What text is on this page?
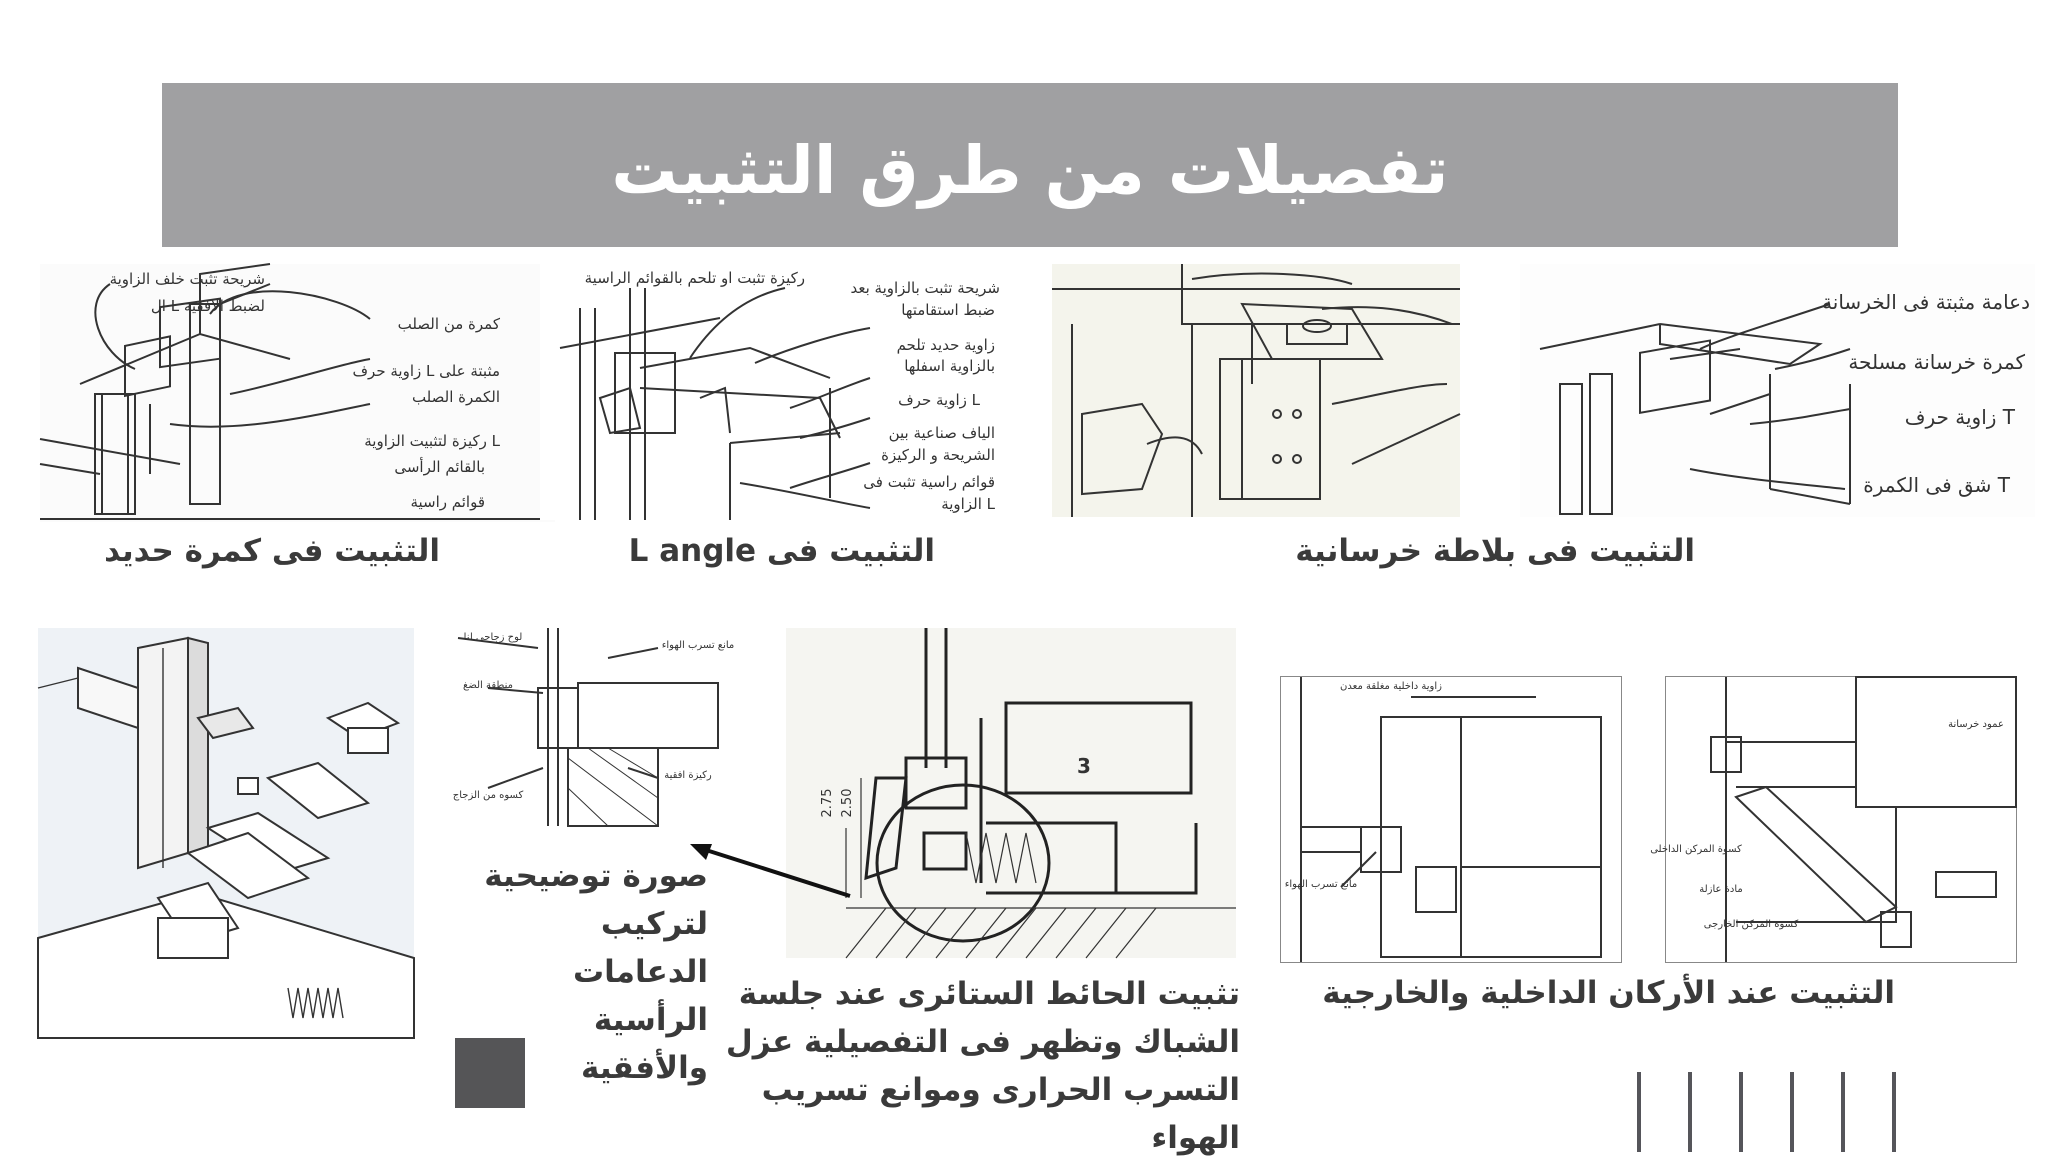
تفصيلات من طرق التثبيت
شريحة تثبت خلف الزاوية
ال L لضبط الافقية
كمرة من الصلب
زاوية حرف L مثبتة على
الكمرة الصلب
ركيزة لتثبيت الزاوية L
بالقائم الرأسى
قوائم راسية
ركيزة تثبت او تلحم بالقوائم الراسية
شريحة تثبت بالزاوية بعد
ضبط استقامتها
زاوية حديد تلحم
بالزاوية اسفلها
زاوية حرف L
الياف صناعية بين
الشريحة و الركيزة
قوائم راسية تثبت فى
الزاوية L
دعامة مثبتة فى الخرسانة
كمرة خرسانة مسلحة
زاوية حرف T
شق فى الكمرة T
التثبيت فى كمرة حديد	التثبيت فى L angle	التثبيت فى بلاطة خرسانية
لوح زجاجى لنا
مانع تسرب الهواء
منطقة الضغ
ركيزة افقية
كسوه من الزجاج	2.75 2.50
3
زاوية داخلية مغلقة معدن
مانع تسرب الهواء
عمود خرسانة
كسوة المركن الداخلى
مادة عازلة
كسوة المركن الخارجى
صورة توضيحية لتركيب الدعامات الرأسية والأفقية
تثبيت الحائط الستائرى عند جلسة الشباك وتظهر فى التفصيلية عزل التسرب الحرارى وموانع تسريب الهواء
التثبيت عند الأركان الداخلية والخارجية
